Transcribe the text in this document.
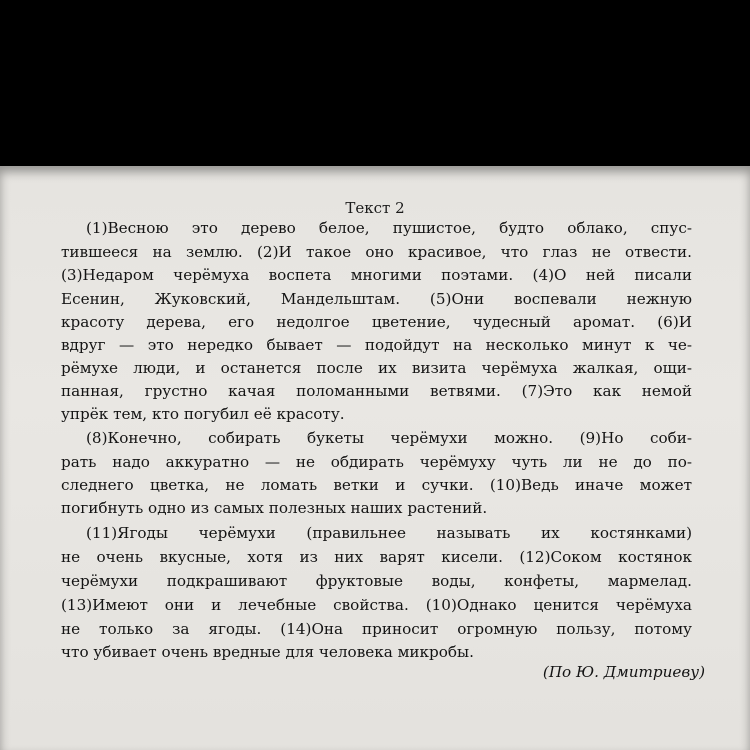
Текст 2
(1)Весною это дерево белое, пушистое, будто облако, спус-
тившееся на землю. (2)И такое оно красивое, что глаз не отвести.
(3)Недаром черёмуха воспета многими поэтами. (4)О ней писали
Есенин, Жуковский, Мандельштам. (5)Они воспевали нежную
красоту дерева, его недолгое цветение, чудесный аромат. (6)И
вдруг — это нередко бывает — подойдут на несколько минут к че-
рёмухе люди, и останется после их визита черёмуха жалкая, ощи-
панная, грустно качая поломанными ветвями. (7)Это как немой
упрёк тем, кто погубил её красоту.
(8)Конечно, собирать букеты черёмухи можно. (9)Но соби-
рать надо аккуратно — не обдирать черёмуху чуть ли не до по-
следнего цветка, не ломать ветки и сучки. (10)Ведь иначе может
погибнуть одно из самых полезных наших растений.
(11)Ягоды черёмухи (правильнее называть их костянками)
не очень вкусные, хотя из них варят кисели. (12)Соком костянок
черёмухи подкрашивают фруктовые воды, конфеты, мармелад.
(13)Имеют они и лечебные свойства. (10)Однако ценится черёмуха
не только за ягоды. (14)Она приносит огромную пользу, потому
что убивает очень вредные для человека микробы.
(По Ю. Дмитриеву)
